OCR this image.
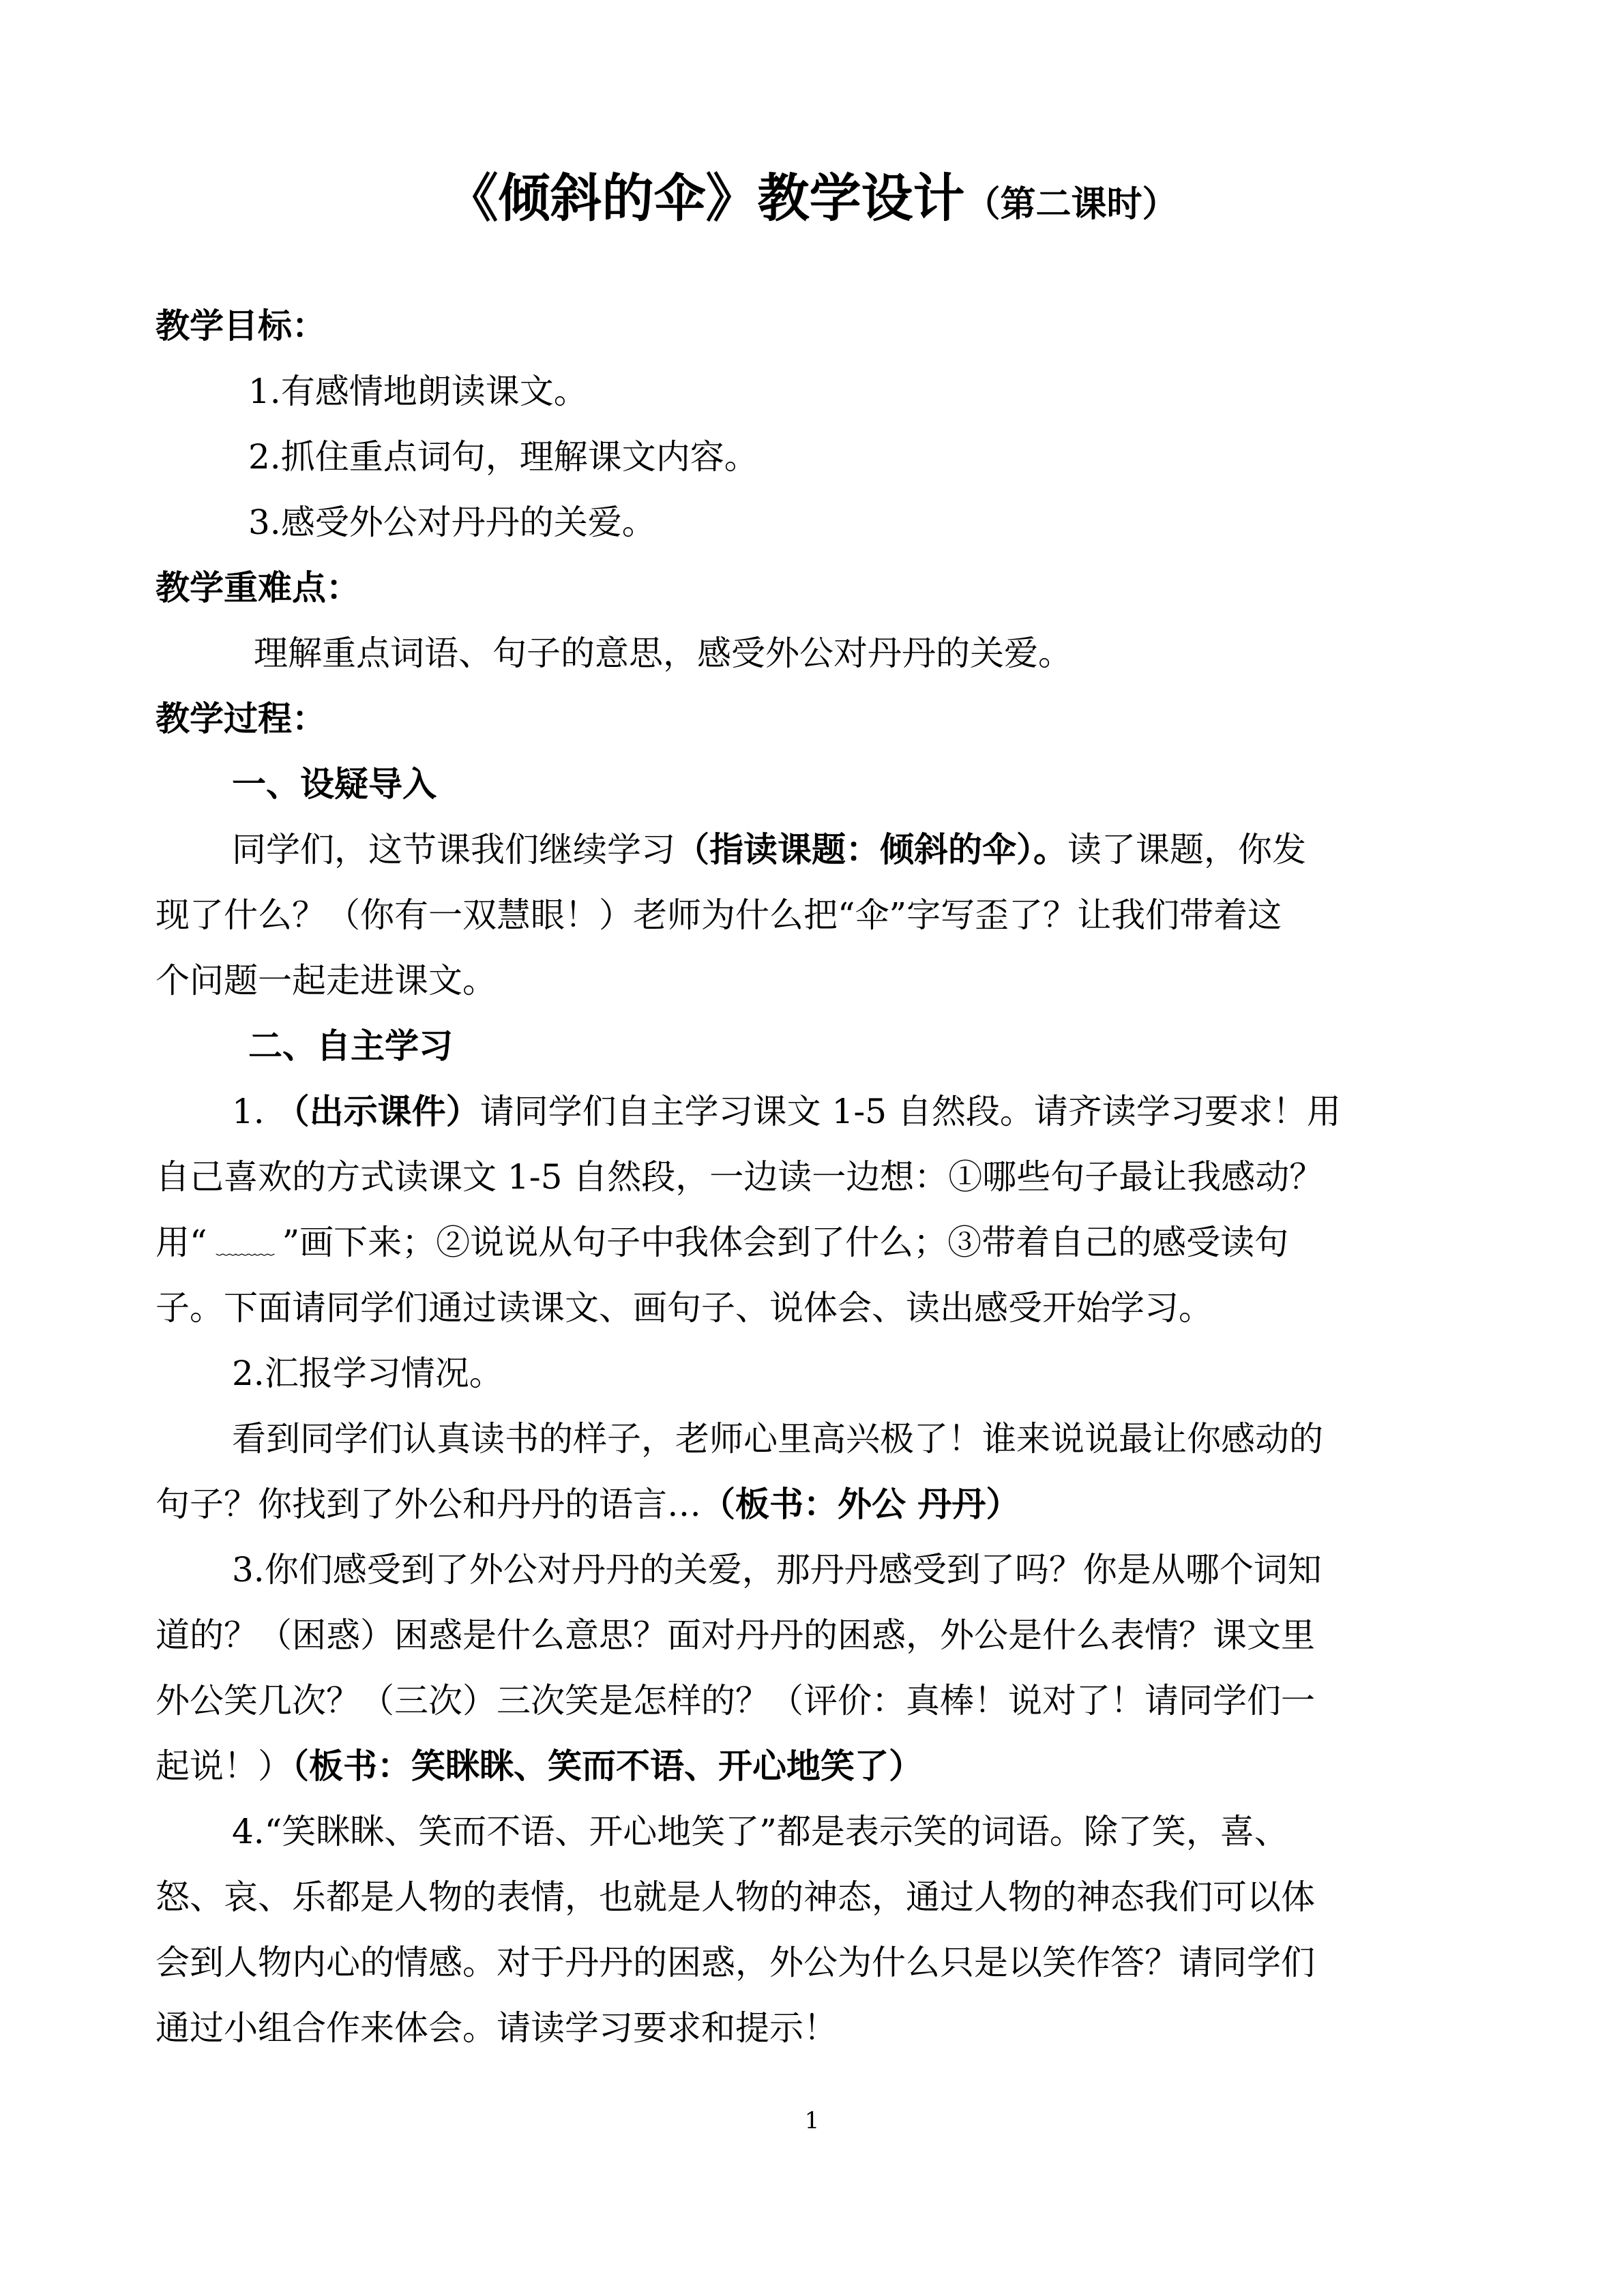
《倾斜的伞》教学设计（第二课时）
教学目标：
1.有感情地朗读课文。
2.抓住重点词句，理解课文内容。
3.感受外公对丹丹的关爱。
教学重难点：
理解重点词语、句子的意思，感受外公对丹丹的关爱。
教学过程：
一、设疑导入
同学们，这节课我们继续学习（指读课题：倾斜的伞）。读了课题，你发
现了什么？（你有一双慧眼！）老师为什么把“伞”字写歪了？让我们带着这
个问题一起走进课文。
二、自主学习
1. （出示课件）请同学们自主学习课文 1-5 自然段。请齐读学习要求！用
自己喜欢的方式读课文 1-5 自然段，一边读一边想：①哪些句子最让我感动？
用“ ﹏﹏﹏ ”画下来；②说说从句子中我体会到了什么；③带着自己的感受读句
子。下面请同学们通过读课文、画句子、说体会、读出感受开始学习。
2.汇报学习情况。
看到同学们认真读书的样子，老师心里高兴极了！谁来说说最让你感动的
句子？你找到了外公和丹丹的语言…（板书：外公 丹丹）
3.你们感受到了外公对丹丹的关爱，那丹丹感受到了吗？你是从哪个词知
道的？（困惑）困惑是什么意思？面对丹丹的困惑，外公是什么表情？课文里
外公笑几次？（三次）三次笑是怎样的？（评价：真棒！说对了！请同学们一
起说！）（板书：笑眯眯、笑而不语、开心地笑了）
4.“笑眯眯、笑而不语、开心地笑了”都是表示笑的词语。除了笑，喜、
怒、哀、乐都是人物的表情，也就是人物的神态，通过人物的神态我们可以体
会到人物内心的情感。对于丹丹的困惑，外公为什么只是以笑作答？请同学们
通过小组合作来体会。请读学习要求和提示！
1
